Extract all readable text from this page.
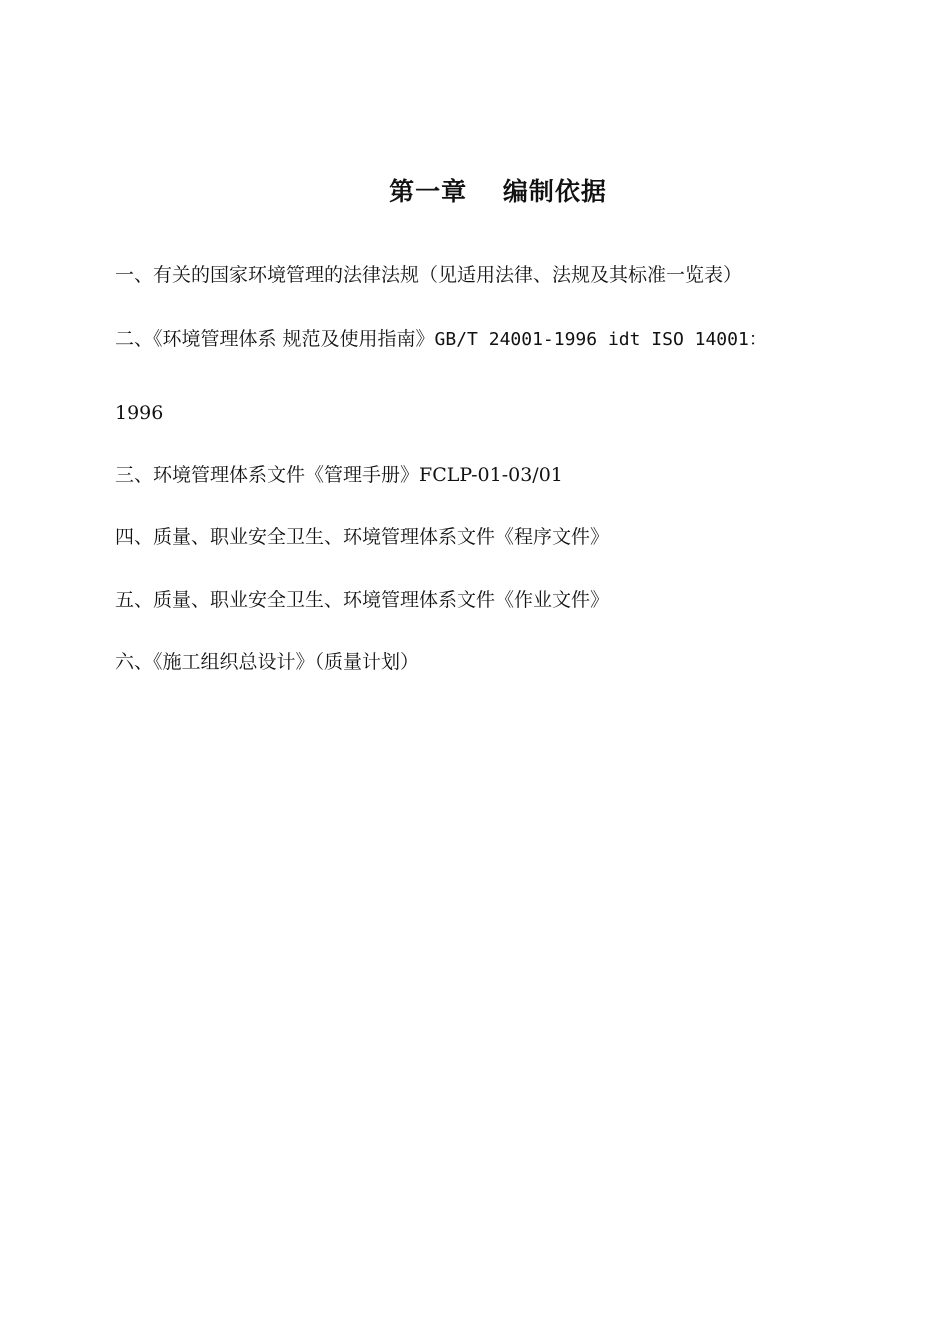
第一章　 编制依据

一、有关的国家环境管理的法律法规（见适用法律、法规及其标准一览表）

二、《环境管理体系 规范及使用指南》GB/T 24001-1996 idt ISO 14001：

1996

三、环境管理体系文件《管理手册》FCLP-01-03/01

四、质量、职业安全卫生、环境管理体系文件《程序文件》

五、质量、职业安全卫生、环境管理体系文件《作业文件》

六、《施工组织总设计》（质量计划）
